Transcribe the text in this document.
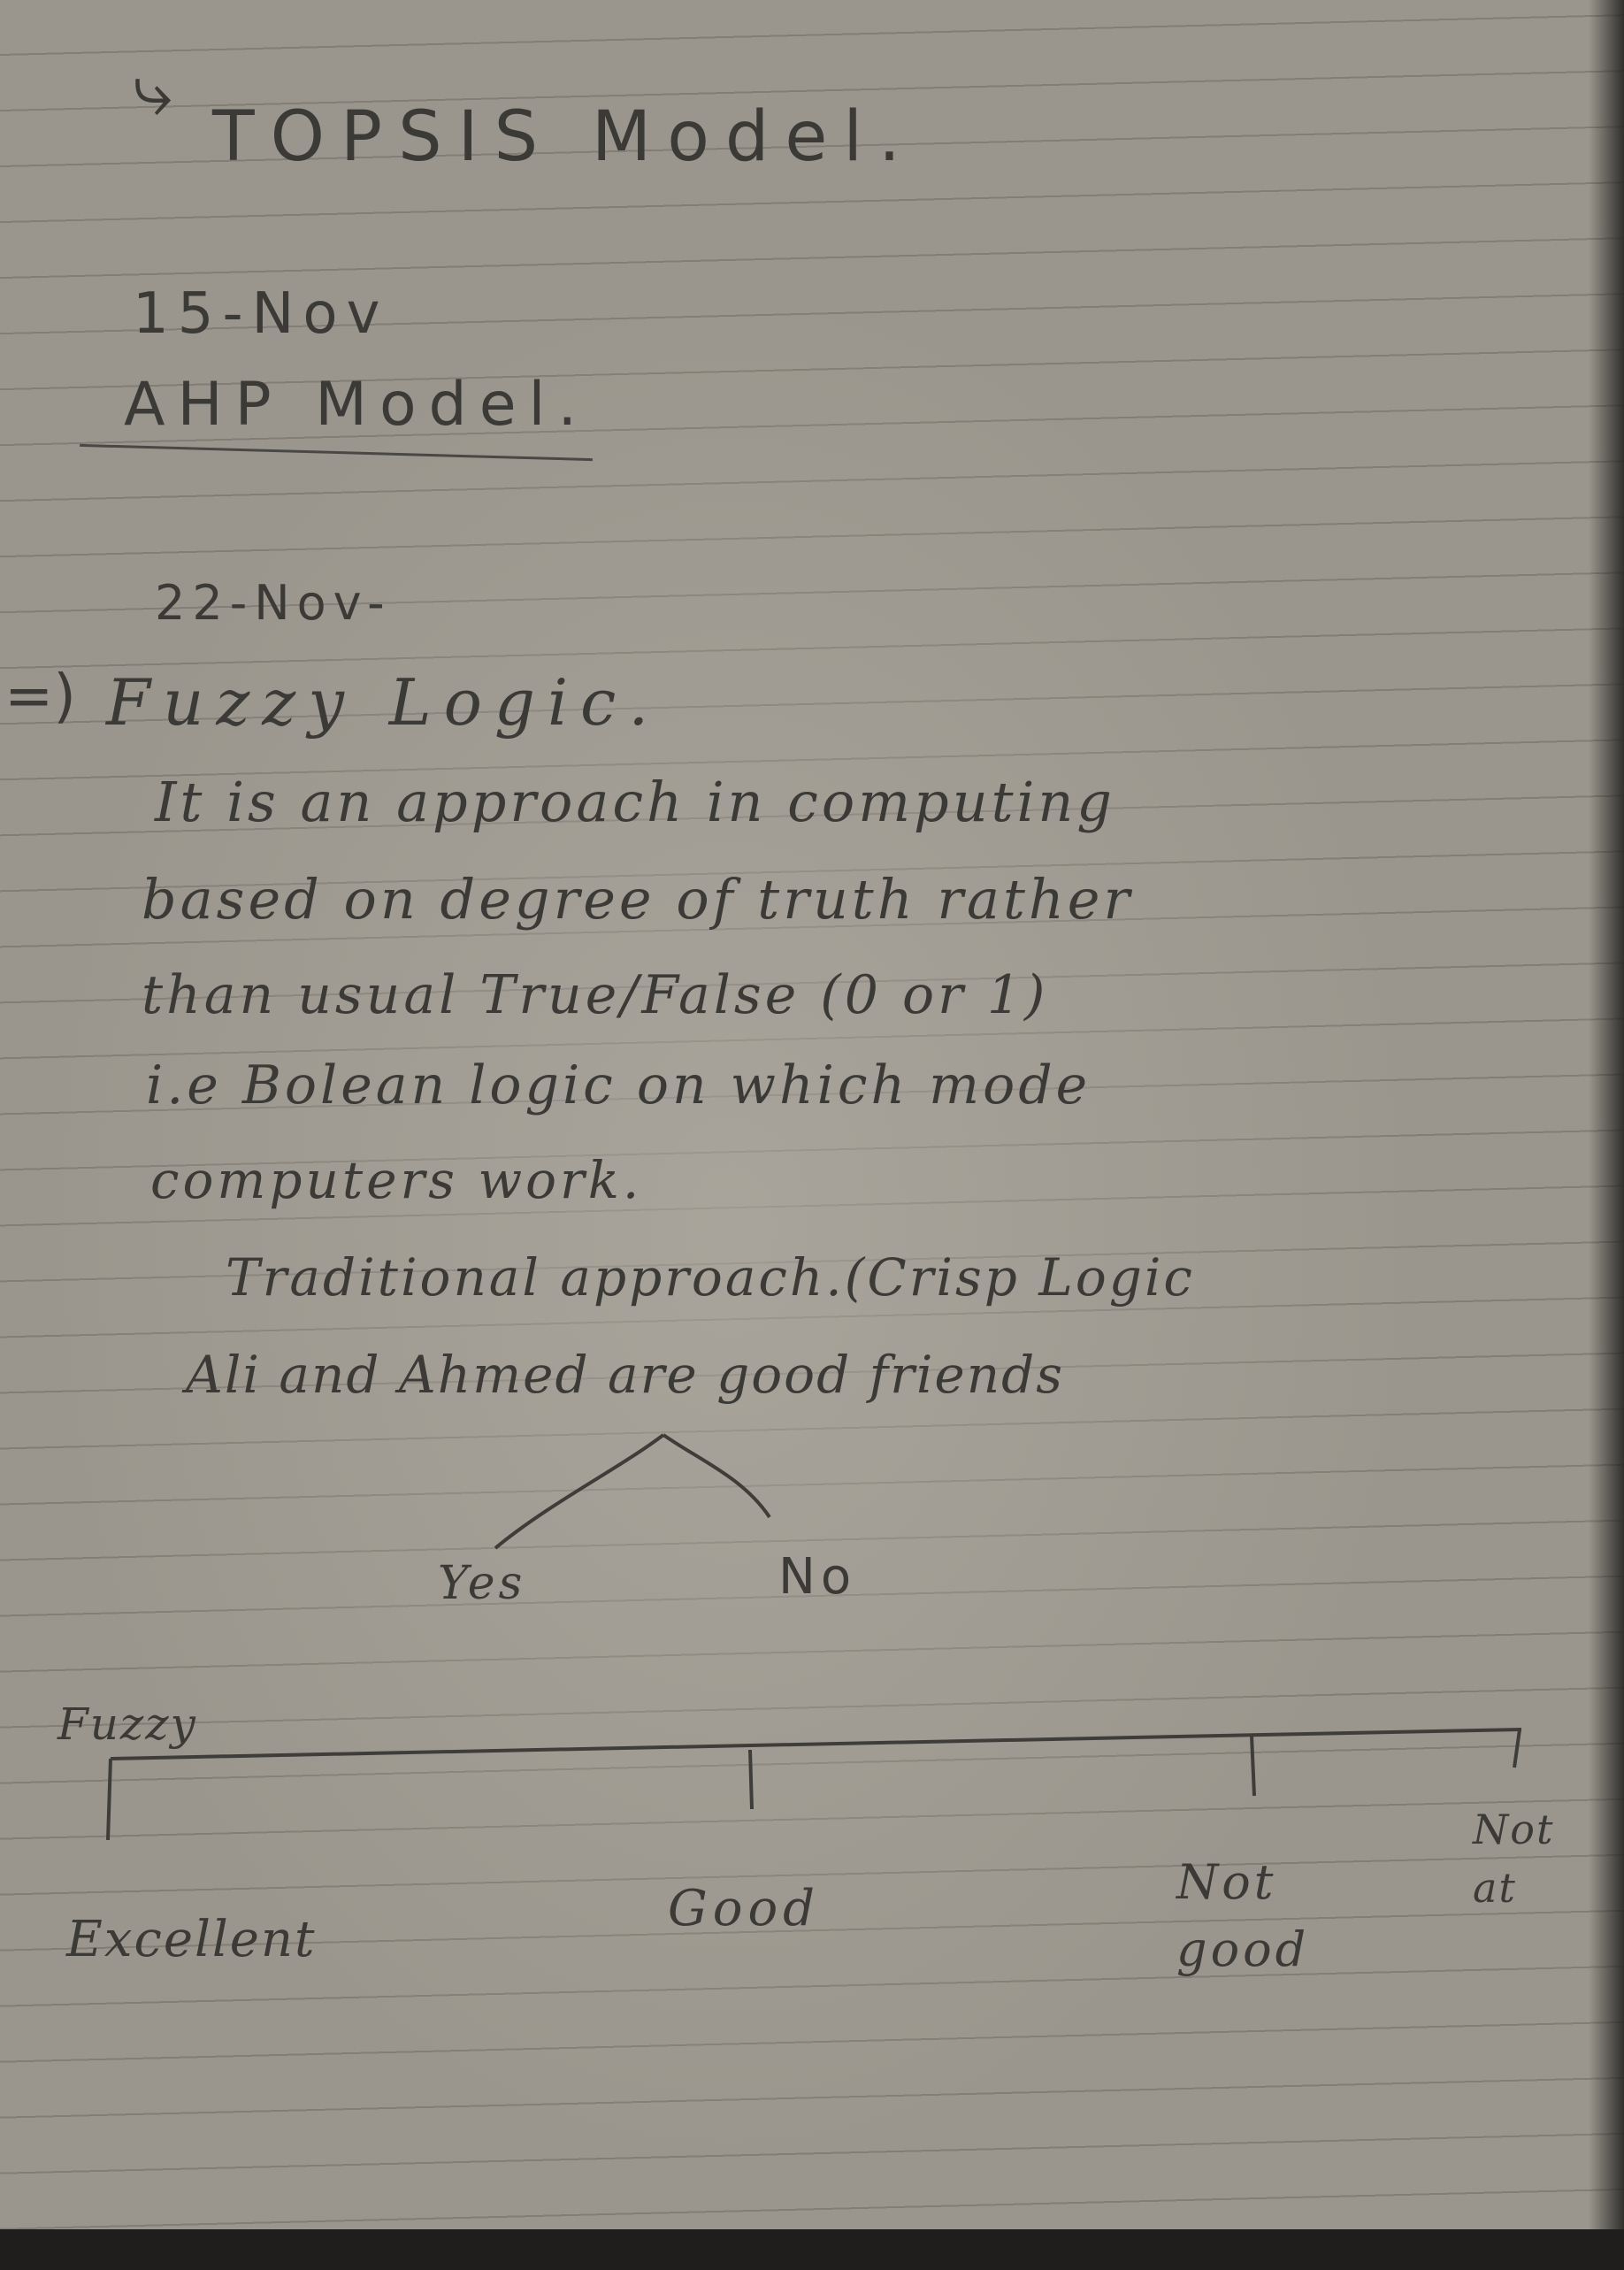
⤷
TOPSIS Model.
15-Nov
AHP Model.
22-Nov-
=) Fuzzy Logic.
It is an approach in computing
based on degree of truth rather
than usual True/False (0 or 1)
i.e Bolean logic on which mode
computers work.
Traditional approach.(Crisp Logic
Ali and Ahmed are good friends
Yes	No
Fuzzy
Excellent
Good	Not good
Not at
